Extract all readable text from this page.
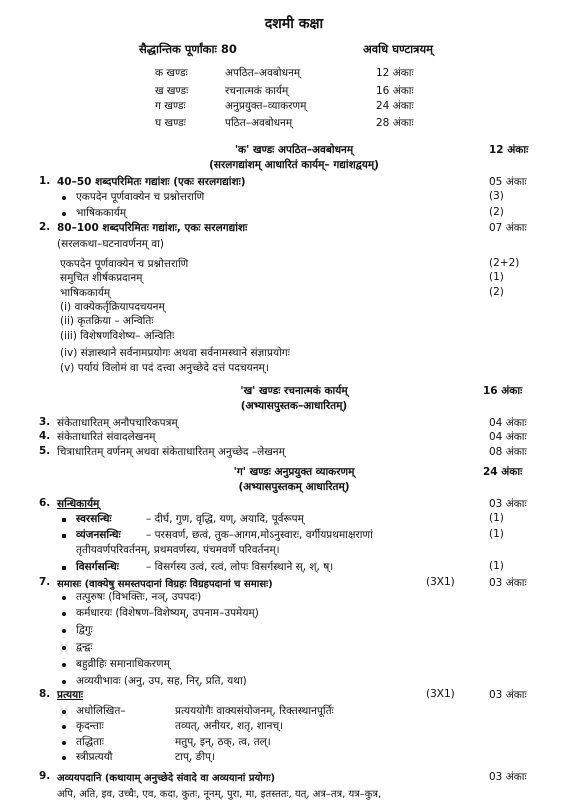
दशमी कक्षा
सैद्धान्तिक पूर्णांकाः 80	अवधि घण्टात्रयम्
क खण्डः	अपठित–अवबोधनम्	12 अंकाः
ख खण्डः	रचनात्मकं कार्यम्	16 अंकाः
ग खण्डः	अनुप्रयुक्त–व्याकरणम्	24 अंकाः
घ खण्डः	पठित–अवबोधनम्	28 अंकाः
'क' खण्डः अपठित–अवबोधनम्	12 अंकाः
(सरलगद्यांशम् आधारितं कार्यम्– गद्यांशद्वयम्)
1. 40–50 शब्दपरिमितः गद्यांशः (एकः सरलगद्यांशः)	05 अंकाः
एकपदेन पूर्णवाक्येन च प्रश्नोत्तराणि	(3)
भाषिककार्यम्	(2)
2. 80–100 शब्दपरिमितः गद्यांशः, एकः सरलगद्यांशः	07 अंकाः
(सरलकथा–घटनावर्णनम् वा)
एकपदेन पूर्णवाक्येन च प्रश्नोत्तराणि	(2+2)
समुचित शीर्षकप्रदानम्	(1)
भाषिककार्यम्	(2)
(i) वाक्येकर्तृक्रियापदचयनम्
(ii) कृतक्रिया – अन्वितिः
(iii) विशेषणविशेष्य– अन्वितिः
(iv) संज्ञास्थाने सर्वनामप्रयोगः अथवा सर्वनामस्थाने संज्ञाप्रयोगः
(v) पर्यायं विलोमं वा पदं दत्त्वा अनुच्छेदे दत्तं पदचयनम्।
'ख' खण्डः रचनात्मकं कार्यम्	16 अंकाः
(अभ्यासपुस्तक–आधारितम्)
3. संकेताधारितम् अनौपचारिकपत्रम्	04 अंकाः
4. संकेताधारितं संवादलेखनम्	04 अंकाः
5. चित्राधारितम् वर्णनम् अथवा संकेताधारितम् अनुच्छेद –लेखनम्	08 अंकाः
'ग' खण्डः अनुप्रयुक्त व्याकरणम्	24 अंकाः
(अभ्यासपुस्तकम् आधारितम्)
6. सन्धिकार्यम्	03 अंकाः
स्वरसन्धिः	– दीर्घ, गुण, वृद्धि, यण्, अयादि, पूर्वरूपम्	(1)
व्यंजनसन्धिः – परसवर्ण, छत्वं, तुक–आगम,मोऽनुस्वारः, वर्गीयप्रथमाक्षराणां	(1)
तृतीयवर्णपरिवर्तनम्, प्रथमवर्णस्य, पंचमवर्णे परिवर्तनम्।
विसर्गसन्धिः	– विसर्गस्य उत्वं, रत्वं, लोपः विसर्गस्थाने स्, श्, ष्।	(1)
7. समासः (वाक्येषु समस्तपदानां विग्रहः विग्रहपदानां च समासः)	(3X1)	03 अंकाः
तत्पुरुषः (विभक्तिः, नञ्, उपपदः)
कर्मधारयः (विशेषण–विशेष्यम्, उपनाम–उपमेयम्)
द्विगुः
द्वन्द्वः
बहुव्रीहिः समानाधिकरणम्
अव्ययीभावः (अनु, उप, सह, निर्, प्रति, यथा)
8. प्रत्ययाः	(3X1)	03 अंकाः
अधोलिखित–	प्रत्यययोगैः वाक्यसंयोजनम्, रिक्तस्थानपूर्तिः
कृदन्ताः	तव्यत्, अनीयर, शतृ, शानच्।
तद्धिताः	मतुप्, इन्, ठक्, त्व, तल्।
स्त्रीप्रत्ययौ	टाप्, ङीप्।
9. अव्ययपदानि (कथायाम् अनुच्छेदे संवादे वा अव्ययानां प्रयोगः)	03 अंकाः
अपि, अति, इव, उच्चैः, एव, कदा, कुतः, नूनम्, पुरा, मा, इतस्ततः, यत्, अत्र–तत्र, यत्र–कुत्र,
